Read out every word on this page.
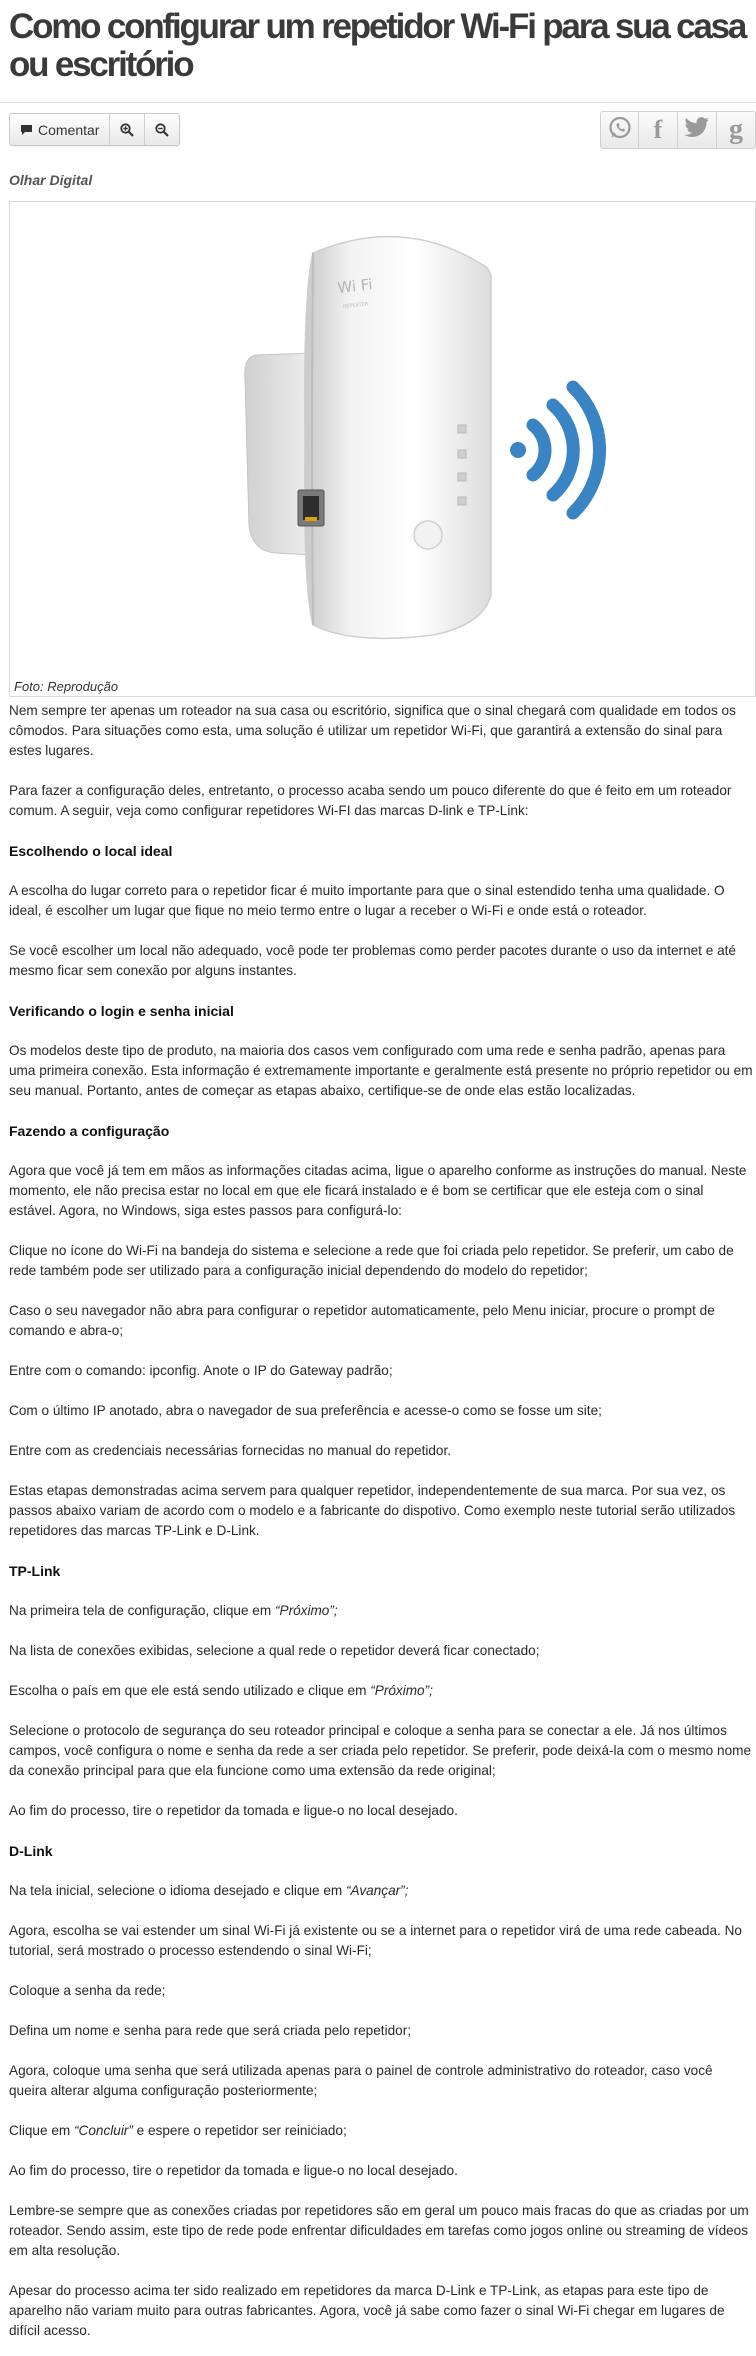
Como configurar um repetidor Wi-Fi para sua casa ou escritório
Comentar	f g
Olhar Digital
Wi Fi
REPEATER
Foto: Reprodução

Nem sempre ter apenas um roteador na sua casa ou escritório, significa que o sinal chegará com qualidade em todos os cômodos. Para situações como esta, uma solução é utilizar um repetidor Wi-Fi, que garantirá a extensão do sinal para estes lugares.

Para fazer a configuração deles, entretanto, o processo acaba sendo um pouco diferente do que é feito em um roteador comum. A seguir, veja como configurar repetidores Wi-FI das marcas D-link e TP-Link:

Escolhendo o local ideal

A escolha do lugar correto para o repetidor ficar é muito importante para que o sinal estendido tenha uma qualidade. O ideal, é escolher um lugar que fique no meio termo entre o lugar a receber o Wi-Fi e onde está o roteador.

Se você escolher um local não adequado, você pode ter problemas como perder pacotes durante o uso da internet e até mesmo ficar sem conexão por alguns instantes.

Verificando o login e senha inicial

Os modelos deste tipo de produto, na maioria dos casos vem configurado com uma rede e senha padrão, apenas para uma primeira conexão. Esta informação é extremamente importante e geralmente está presente no próprio repetidor ou em seu manual. Portanto, antes de começar as etapas abaixo, certifique-se de onde elas estão localizadas.

Fazendo a configuração

Agora que você já tem em mãos as informações citadas acima, ligue o aparelho conforme as instruções do manual. Neste momento, ele não precisa estar no local em que ele ficará instalado e é bom se certificar que ele esteja com o sinal estável. Agora, no Windows, siga estes passos para configurá-lo:

Clique no ícone do Wi-Fi na bandeja do sistema e selecione a rede que foi criada pelo repetidor. Se preferir, um cabo de rede também pode ser utilizado para a configuração inicial dependendo do modelo do repetidor;

Caso o seu navegador não abra para configurar o repetidor automaticamente, pelo Menu iniciar, procure o prompt de comando e abra-o;

Entre com o comando: ipconfig. Anote o IP do Gateway padrão;

Com o último IP anotado, abra o navegador de sua preferência e acesse-o como se fosse um site;

Entre com as credenciais necessárias fornecidas no manual do repetidor.

Estas etapas demonstradas acima servem para qualquer repetidor, independentemente de sua marca. Por sua vez, os passos abaixo variam de acordo com o modelo e a fabricante do dispotivo. Como exemplo neste tutorial serão utilizados repetidores das marcas TP-Link e D-Link.

TP-Link

Na primeira tela de configuração, clique em “Próximo”;

Na lista de conexões exibidas, selecione a qual rede o repetidor deverá ficar conectado;

Escolha o país em que ele está sendo utilizado e clique em “Próximo”;

Selecione o protocolo de segurança do seu roteador principal e coloque a senha para se conectar a ele. Já nos últimos campos, você configura o nome e senha da rede a ser criada pelo repetidor. Se preferir, pode deixá-la com o mesmo nome da conexão principal para que ela funcione como uma extensão da rede original;

Ao fim do processo, tire o repetidor da tomada e ligue-o no local desejado.

D-Link

Na tela inicial, selecione o idioma desejado e clique em “Avançar”;

Agora, escolha se vai estender um sinal Wi-Fi já existente ou se a internet para o repetidor virá de uma rede cabeada. No tutorial, será mostrado o processo estendendo o sinal Wi-Fi;

Coloque a senha da rede;

Defina um nome e senha para rede que será criada pelo repetidor;

Agora, coloque uma senha que será utilizada apenas para o painel de controle administrativo do roteador, caso você queira alterar alguma configuração posteriormente;

Clique em “Concluir” e espere o repetidor ser reiniciado;

Ao fim do processo, tire o repetidor da tomada e ligue-o no local desejado.

Lembre-se sempre que as conexões criadas por repetidores são em geral um pouco mais fracas do que as criadas por um roteador. Sendo assim, este tipo de rede pode enfrentar dificuldades em tarefas como jogos online ou streaming de vídeos em alta resolução.

Apesar do processo acima ter sido realizado em repetidores da marca D-Link e TP-Link, as etapas para este tipo de aparelho não variam muito para outras fabricantes. Agora, você já sabe como fazer o sinal Wi-Fi chegar em lugares de difícil acesso.
